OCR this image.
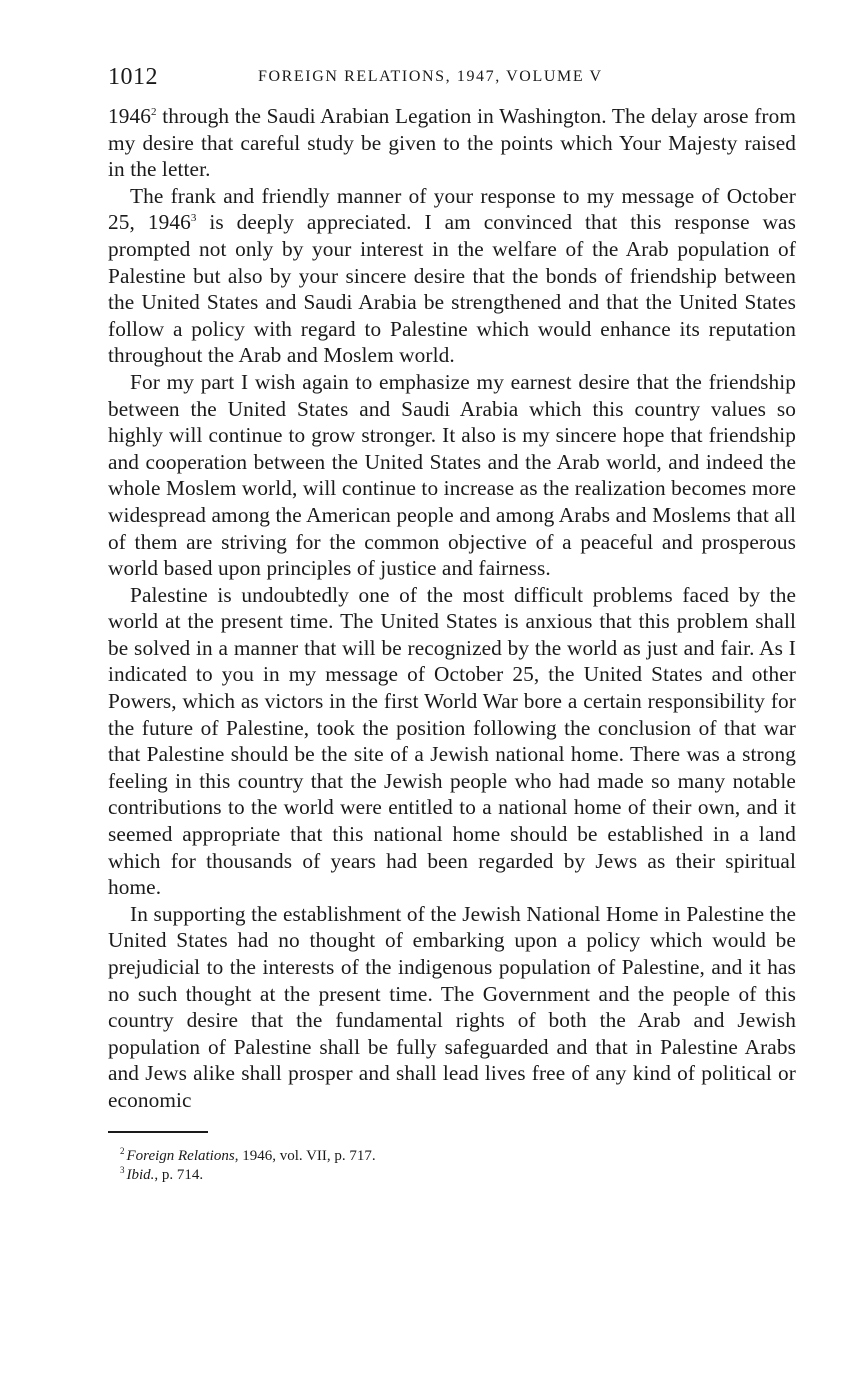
1012	FOREIGN RELATIONS, 1947, VOLUME V

1946$^2$ through the Saudi Arabian Legation in Washington. The delay arose from my desire that careful study be given to the points which Your Majesty raised in the letter.

The frank and friendly manner of your response to my message of October 25, 1946$^3$ is deeply appreciated. I am convinced that this response was prompted not only by your interest in the welfare of the Arab population of Palestine but also by your sincere desire that the bonds of friendship between the United States and Saudi Arabia be strengthened and that the United States follow a policy with regard to Palestine which would enhance its reputation throughout the Arab and Moslem world.

For my part I wish again to emphasize my earnest desire that the friendship between the United States and Saudi Arabia which this country values so highly will continue to grow stronger. It also is my sincere hope that friendship and cooperation between the United States and the Arab world, and indeed the whole Moslem world, will continue to increase as the realization becomes more widespread among the American people and among Arabs and Moslems that all of them are striving for the common objective of a peaceful and prosperous world based upon principles of justice and fairness.

Palestine is undoubtedly one of the most difficult problems faced by the world at the present time. The United States is anxious that this problem shall be solved in a manner that will be recognized by the world as just and fair. As I indicated to you in my message of October 25, the United States and other Powers, which as victors in the first World War bore a certain responsibility for the future of Palestine, took the position following the conclusion of that war that Palestine should be the site of a Jewish national home. There was a strong feeling in this country that the Jewish people who had made so many notable contributions to the world were entitled to a national home of their own, and it seemed appropriate that this national home should be established in a land which for thousands of years had been regarded by Jews as their spiritual home.

In supporting the establishment of the Jewish National Home in Palestine the United States had no thought of embarking upon a policy which would be prejudicial to the interests of the indigenous population of Palestine, and it has no such thought at the present time. The Government and the people of this country desire that the fundamental rights of both the Arab and Jewish population of Palestine shall be fully safeguarded and that in Palestine Arabs and Jews alike shall prosper and shall lead lives free of any kind of political or economic

$^2$ Foreign Relations, 1946, vol. VII, p. 717.

$^3$ Ibid., p. 714.
